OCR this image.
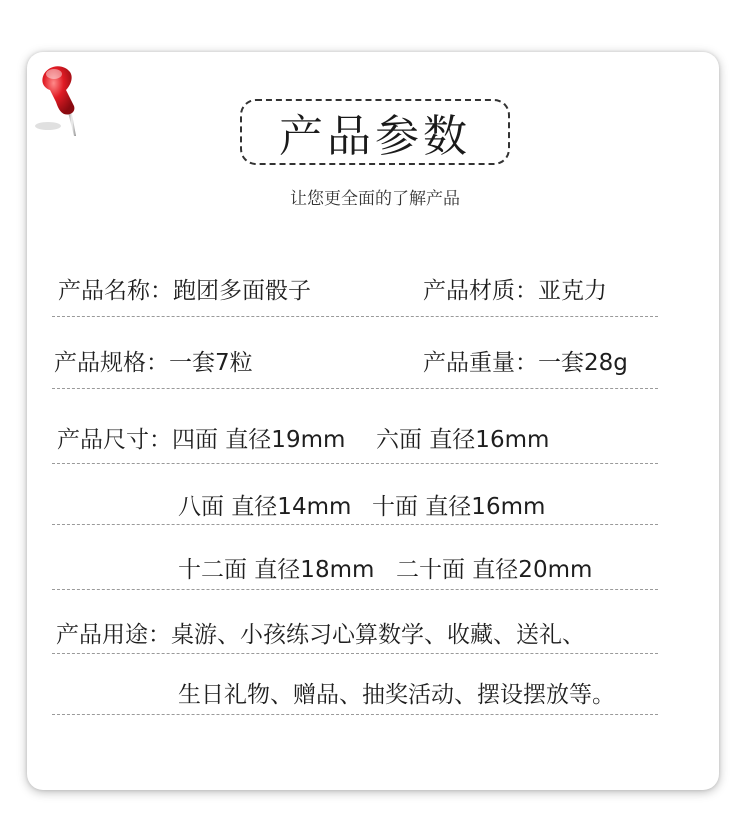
产品参数
让您更全面的了解产品
产品名称：跑团多面骰子	产品材质：亚克力
产品规格：一套7粒	产品重量：一套28g
产品尺寸：四面 直径19mm 六面 直径16mm
八面 直径14mm 十面 直径16mm
十二面 直径18mm 二十面 直径20mm
产品用途：桌游、小孩练习心算数学、收藏、送礼、
生日礼物、赠品、抽奖活动、摆设摆放等。
